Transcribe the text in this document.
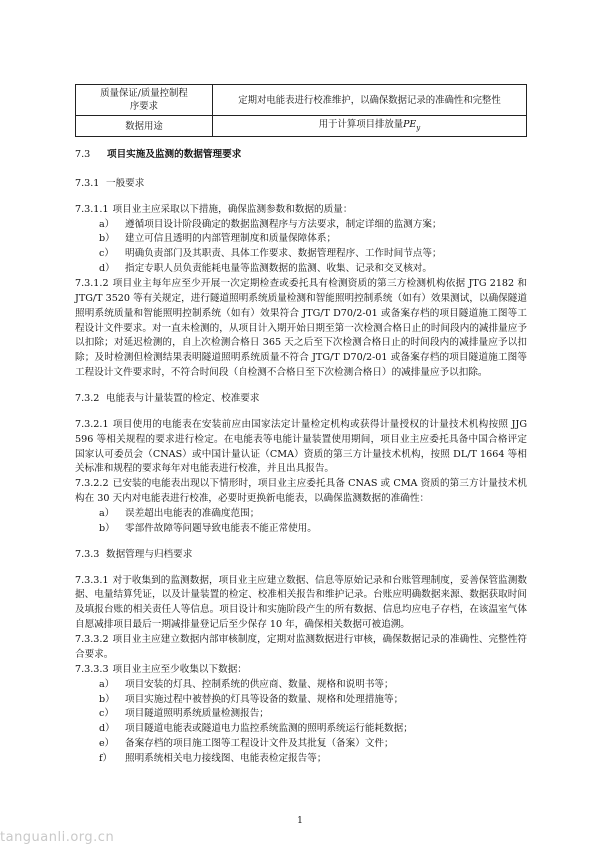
质量保证/质量控制程
序要求	定期对电能表进行校准维护，以确保数据记录的准确性和完整性

数据用途	用于计算项目排放量$PE_y$
7.3 项目实施及监测的数据管理要求
7.3.1 一般要求
7.3.1.1 项目业主应采取以下措施，确保监测参数和数据的质量：
a） 遵循项目设计阶段确定的数据监测程序与方法要求，制定详细的监测方案；
b） 建立可信且透明的内部管理制度和质量保障体系；
c） 明确负责部门及其职责、具体工作要求、数据管理程序、工作时间节点等；
d） 指定专职人员负责能耗电量等监测数据的监测、收集、记录和交叉核对。
7.3.1.2 项目业主每年应至少开展一次定期检查或委托具有检测资质的第三方检测机构依据 JTG 2182 和 JTG/T 3520 等有关规定，进行隧道照明系统质量检测和智能照明控制系统（如有）效果测试，以确保隧道照明系统质量和智能照明控制系统（如有）效果符合 JTG/T D70/2-01 或备案存档的项目隧道施工图等工程设计文件要求。对一直未检测的，从项目计入期开始日期至第一次检测合格日止的时间段内的减排量应予以扣除；对延迟检测的，自上次检测合格日 365 天之后至下次检测合格日止的时间段内的减排量应予以扣除；及时检测但检测结果表明隧道照明系统质量不符合 JTG/T D70/2-01 或备案存档的项目隧道施工图等工程设计文件要求时，不符合时间段（自检测不合格日至下次检测合格日）的减排量应予以扣除。
7.3.2 电能表与计量装置的检定、校准要求
7.3.2.1 项目使用的电能表在安装前应由国家法定计量检定机构或获得计量授权的计量技术机构按照 JJG 596 等相关规程的要求进行检定。在电能表等电能计量装置使用期间，项目业主应委托具备中国合格评定国家认可委员会（CNAS）或中国计量认证（CMA）资质的第三方计量技术机构，按照 DL/T 1664 等相关标准和规程的要求每年对电能表进行校准，并且出具报告。
7.3.2.2 已安装的电能表出现以下情形时，项目业主应委托具备 CNAS 或 CMA 资质的第三方计量技术机构在 30 天内对电能表进行校准，必要时更换新电能表，以确保监测数据的准确性：
a） 误差超出电能表的准确度范围；
b） 零部件故障等问题导致电能表不能正常使用。
7.3.3 数据管理与归档要求
7.3.3.1 对于收集到的监测数据，项目业主应建立数据、信息等原始记录和台账管理制度，妥善保管监测数据、电量结算凭证，以及计量装置的检定、校准相关报告和维护记录。台账应明确数据来源、数据获取时间及填报台账的相关责任人等信息。项目设计和实施阶段产生的所有数据、信息均应电子存档，在该温室气体自愿减排项目最后一期减排量登记后至少保存 10 年，确保相关数据可被追溯。
7.3.3.2 项目业主应建立数据内部审核制度，定期对监测数据进行审核，确保数据记录的准确性、完整性符合要求。
7.3.3.3 项目业主应至少收集以下数据：
a） 项目安装的灯具、控制系统的供应商、数量、规格和说明书等；
b） 项目实施过程中被替换的灯具等设备的数量、规格和处理措施等；
c） 项目隧道照明系统质量检测报告；
d） 项目隧道电能表或隧道电力监控系统监测的照明系统运行能耗数据；
e） 备案存档的项目施工图等工程设计文件及其批复（备案）文件；
f） 照明系统相关电力接线图、电能表检定报告等；
1
tanguanli.org.cn
